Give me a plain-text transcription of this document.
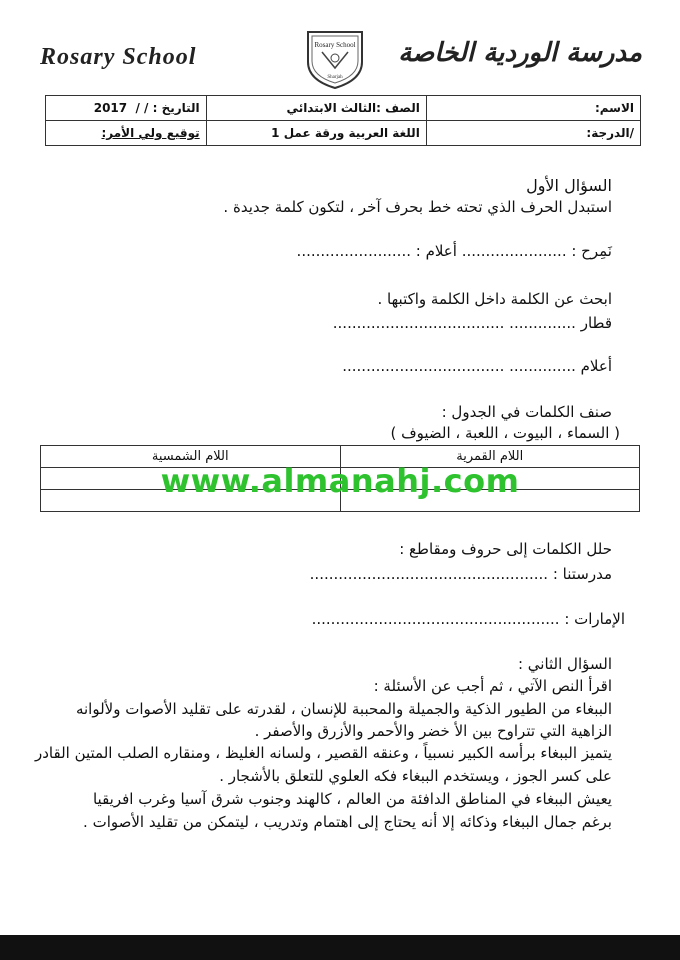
Rosary School	Rosary School
Sharjah
مدرسة الوردية الخاصة
الاسم:	الصف :الثالث الابتدائي	التاريخ : / /  2017
/الدرجة:	اللغة العربية ورقة عمل 1	توقيع ولي الأمر:
السؤال الأول
استبدل الحرف الذي تحته خط بحرف آخر ، لتكون كلمة جديدة .
نَمِرح : ...................... أعلام : ........................
ابحث عن الكلمة داخل الكلمة واكتبها .
قطار .............. ....................................
أعلام .............. ..................................
صنف الكلمات في الجدول :
( السماء ، البيوت ، اللعبة ، الضيوف )
اللام القمرية	اللام الشمسية

www.almanahj.com
حلل الكلمات إلى حروف ومقاطع :
مدرستنا : ..................................................
الإمارات : ....................................................
السؤال الثاني :
اقرأ النص الآتي ، ثم أجب عن الأسئلة :
الببغاء من الطيور الذكية والجميلة والمحببة للإنسان ، لقدرته على تقليد الأصوات ولألوانه
الزاهية التي تتراوح بين الأ خضر والأحمر والأزرق والأصفر .
يتميز الببغاء برأسه الكبير نسبياً ، وعنقه القصير ، ولسانه الغليظ ، ومنقاره الصلب المتين القادر
على كسر الجوز ، ويستخدم الببغاء فكه العلوي للتعلق بالأشجار .
يعيش الببغاء في المناطق الدافئة من العالم ، كالهند وجنوب شرق آسيا وغرب افريقيا
برغم جمال الببغاء وذكائه إلا أنه يحتاج إلى اهتمام وتدريب ، ليتمكن من تقليد الأصوات .
